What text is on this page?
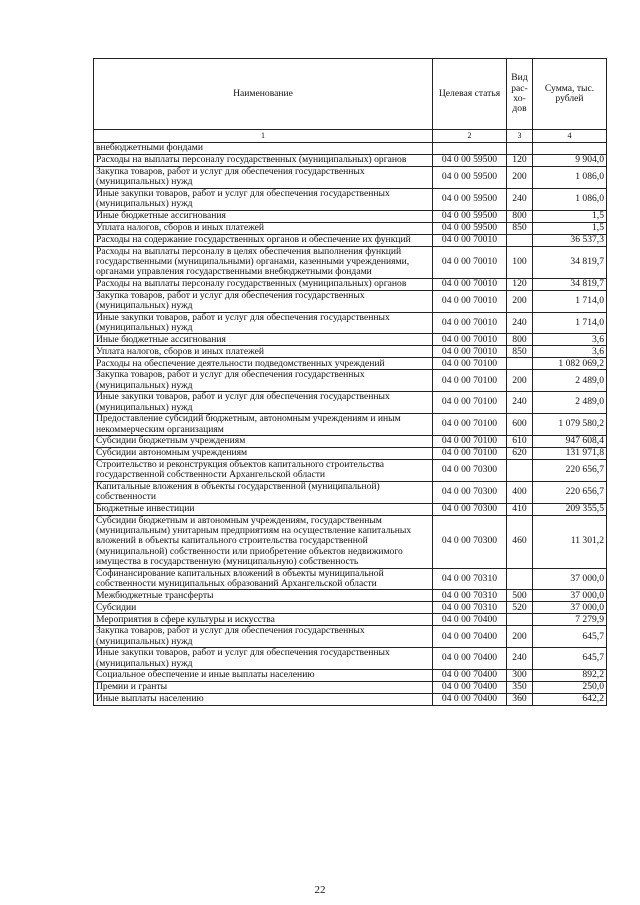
Наименование	Целевая статья	Вид рас- хо- дов	Сумма, тыс. рублей
1	2	3	4
внебюджетными фондами			
Расходы на выплаты персоналу государственных (муниципальных) органов	04 0 00 59500	120	9 904,0
Закупка товаров, работ и услуг для обеспечения государственных (муниципальных) нужд	04 0 00 59500	200	1 086,0
Иные закупки товаров, работ и услуг для обеспечения государственных (муниципальных) нужд	04 0 00 59500	240	1 086,0
Иные бюджетные ассигнования	04 0 00 59500	800	1,5
Уплата налогов, сборов и иных платежей	04 0 00 59500	850	1,5
Расходы на содержание государственных органов и обеспечение их функций	04 0 00 70010		36 537,3
Расходы на выплаты персоналу в целях обеспечения выполнения функций государственными (муниципальными) органами, казенными учреждениями, органами управления государственными внебюджетными фондами	04 0 00 70010	100	34 819,7
Расходы на выплаты персоналу государственных (муниципальных) органов	04 0 00 70010	120	34 819,7
Закупка товаров, работ и услуг для обеспечения государственных (муниципальных) нужд	04 0 00 70010	200	1 714,0
Иные закупки товаров, работ и услуг для обеспечения государственных (муниципальных) нужд	04 0 00 70010	240	1 714,0
Иные бюджетные ассигнования	04 0 00 70010	800	3,6
Уплата налогов, сборов и иных платежей	04 0 00 70010	850	3,6
Расходы на обеспечение деятельности подведомственных учреждений	04 0 00 70100		1 082 069,2
Закупка товаров, работ и услуг для обеспечения государственных (муниципальных) нужд	04 0 00 70100	200	2 489,0
Иные закупки товаров, работ и услуг для обеспечения государственных (муниципальных) нужд	04 0 00 70100	240	2 489,0
Предоставление субсидий бюджетным, автономным учреждениям и иным некоммерческим организациям	04 0 00 70100	600	1 079 580,2
Субсидии бюджетным учреждениям	04 0 00 70100	610	947 608,4
Субсидии автономным учреждениям	04 0 00 70100	620	131 971,8
Строительство и реконструкция объектов капитального строительства государственной собственности Архангельской области	04 0 00 70300		220 656,7
Капитальные вложения в объекты государственной (муниципальной) собственности	04 0 00 70300	400	220 656,7
Бюджетные инвестиции	04 0 00 70300	410	209 355,5
Субсидии бюджетным и автономным учреждениям, государственным (муниципальным) унитарным предприятиям на осуществление капитальных вложений в объекты капитального строительства государственной (муниципальной) собственности или приобретение объектов недвижимого имущества в государственную (муниципальную) собственность	04 0 00 70300	460	11 301,2
Софинансирование капитальных вложений в объекты муниципальной собственности муниципальных образований Архангельской области	04 0 00 70310		37 000,0
Межбюджетные трансферты	04 0 00 70310	500	37 000,0
Субсидии	04 0 00 70310	520	37 000,0
Мероприятия в сфере культуры и искусства	04 0 00 70400		7 279,9
Закупка товаров, работ и услуг для обеспечения государственных (муниципальных) нужд	04 0 00 70400	200	645,7
Иные закупки товаров, работ и услуг для обеспечения государственных (муниципальных) нужд	04 0 00 70400	240	645,7
Социальное обеспечение и иные выплаты населению	04 0 00 70400	300	892,2
Премии и гранты	04 0 00 70400	350	250,0
Иные выплаты населению	04 0 00 70400	360	642,2
22
